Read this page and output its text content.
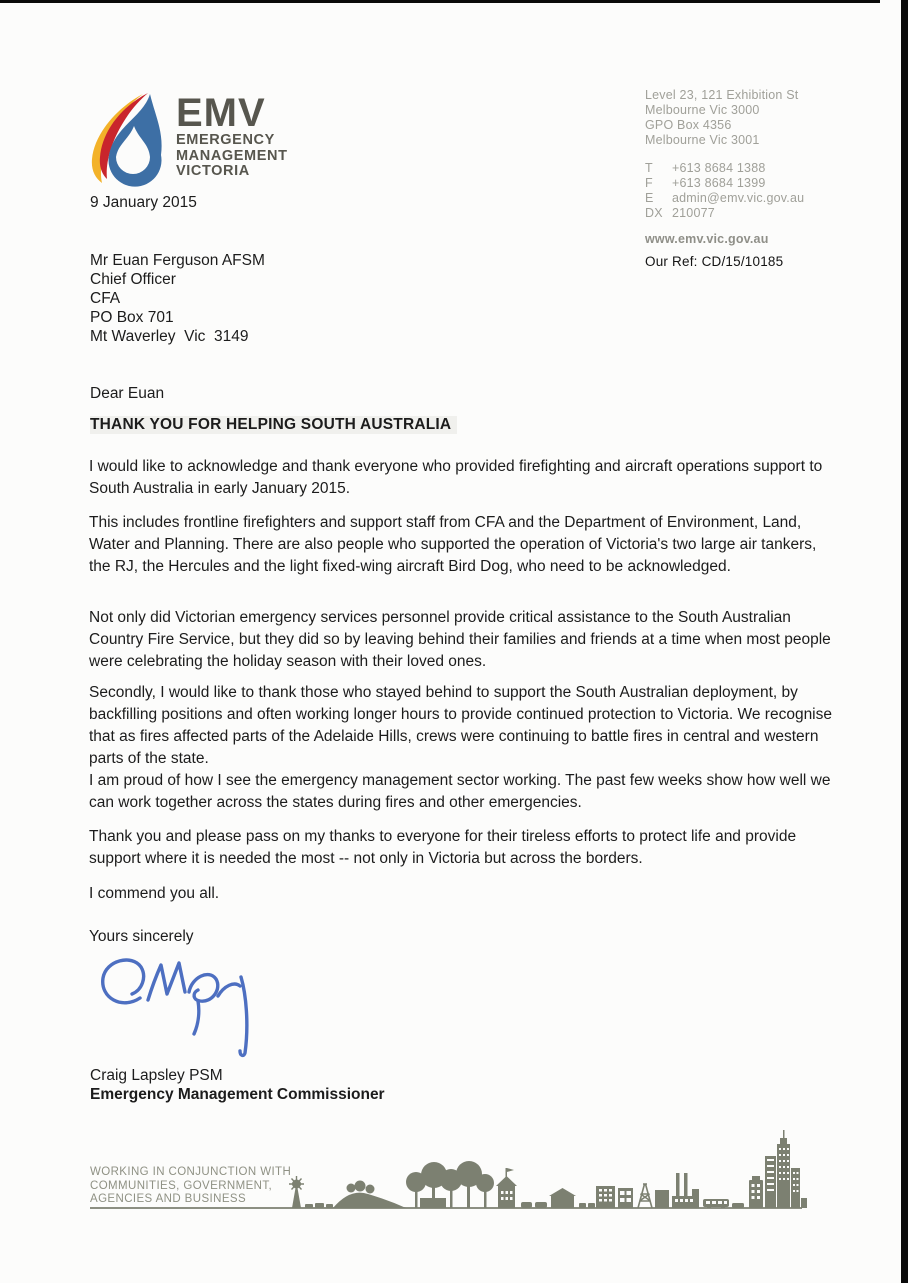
EMV
EMERGENCY
MANAGEMENT
VICTORIA
9 January 2015
Level 23, 121 Exhibition St
Melbourne Vic 3000
GPO Box 4356
Melbourne Vic 3001
T	+613 8684 1388
F	+613 8684 1399
E	admin@emv.vic.gov.au
DX 210077
www.emv.vic.gov.au
Our Ref: CD/15/10185
Mr Euan Ferguson AFSM
Chief Officer
CFA
PO Box 701
Mt Waverley  Vic  3149
Dear Euan
THANK YOU FOR HELPING SOUTH AUSTRALIA

I would like to acknowledge and thank everyone who provided firefighting and aircraft operations support to South Australia in early January 2015.

This includes frontline firefighters and support staff from CFA and the Department of Environment, Land, Water and Planning. There are also people who supported the operation of Victoria's two large air tankers, the RJ, the Hercules and the light fixed-wing aircraft Bird Dog, who need to be acknowledged.

Not only did Victorian emergency services personnel provide critical assistance to the South Australian Country Fire Service, but they did so by leaving behind their families and friends at a time when most people were celebrating the holiday season with their loved ones.

Secondly, I would like to thank those who stayed behind to support the South Australian deployment, by backfilling positions and often working longer hours to provide continued protection to Victoria. We recognise that as fires affected parts of the Adelaide Hills, crews were continuing to battle fires in central and western parts of the state.

I am proud of how I see the emergency management sector working. The past few weeks show how well we can work together across the states during fires and other emergencies.

Thank you and please pass on my thanks to everyone for their tireless efforts to protect life and provide support where it is needed the most -- not only in Victoria but across the borders.

I commend you all.

Yours sincerely

Craig Lapsley PSM
Emergency Management Commissioner
WORKING IN CONJUNCTION WITH
COMMUNITIES, GOVERNMENT,
AGENCIES AND BUSINESS
